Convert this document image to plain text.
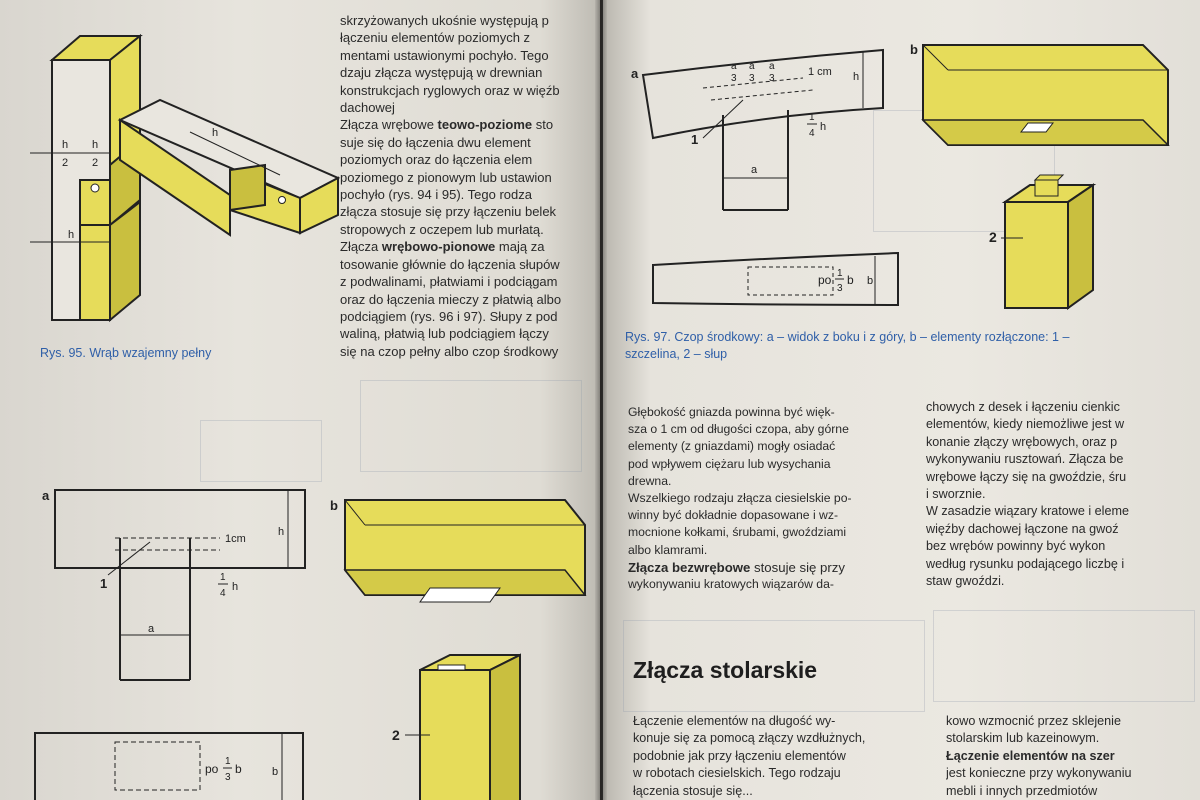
h
2
h
2
h
h

Rys. 95. Wrąb wzajemny pełny

skrzyżowanych ukośnie występują p

łączeniu elementów poziomych z

mentami ustawionymi pochyło. Tego

dzaju złącza występują w drewnian

konstrukcjach ryglowych oraz w więźb

dachowej

Złącza wrębowe teowo-poziome sto

suje się do łączenia dwu element

poziomych oraz do łączenia elem

poziomego z pionowym lub ustawion

pochyło (rys. 94 i 95). Tego rodza

złącza stosuje się przy łączeniu belek

stropowych z oczepem lub murłatą.

Złącza wrębowo-pionowe mają za

tosowanie głównie do łączenia słupów

z podwalinami, płatwiami i podciągam

oraz do łączenia mieczy z płatwią albo

podciągiem (rys. 96 i 97). Słupy z pod

waliną, płatwią lub podciągiem łączy

się na czop pełny albo czop środkowy

a
1cm
h
a
1
4
h
1
po
1
3
b	b
b
2
a	a
3
a
3
a
3
1 cm h
1
4
h
a
1
po 1
3
b b
b
2

Rys. 97. Czop środkowy: a – widok z boku i z góry, b – elementy rozłączone: 1 –
szczelina, 2 – słup

Głębokość gniazda powinna być więk-

sza o 1 cm od długości czopa, aby górne

elementy (z gniazdami) mogły osiadać

pod wpływem ciężaru lub wysychania

drewna.

Wszelkiego rodzaju złącza ciesielskie po-

winny być dokładnie dopasowane i wz-

mocnione kołkami, śrubami, gwoździami

albo klamrami.

Złącza bezwrębowe stosuje się przy

wykonywaniu kratowych wiązarów da-

chowych z desek i łączeniu cienkic

elementów, kiedy niemożliwe jest w

konanie złączy wrębowych, oraz p

wykonywaniu rusztowań. Złącza be

wrębowe łączy się na gwoździe, śru

i sworznie.

W zasadzie wiązary kratowe i eleme

więźby dachowej łączone na gwoź

bez wrębów powinny być wykon

według rysunku podającego liczbę i

staw gwoździ.

Złącza stolarskie

Łączenie elementów na długość wy-

konuje się za pomocą złączy wzdłużnych,

podobnie jak przy łączeniu elementów

w robotach ciesielskich. Tego rodzaju

łączenia stosuje się...

kowo wzmocnić przez sklejenie

stolarskim lub kazeinowym.

Łączenie elementów na szer

jest konieczne przy wykonywaniu

mebli i innych przedmiotów
